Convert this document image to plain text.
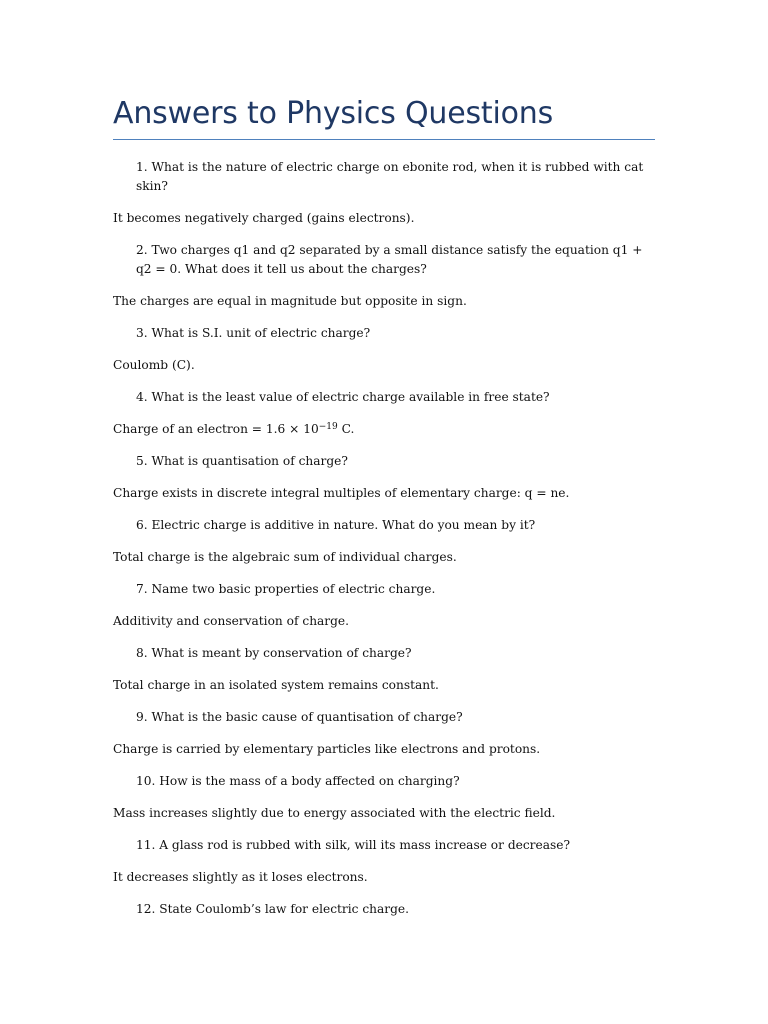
Answers to Physics Questions

1. What is the nature of electric charge on ebonite rod, when it is rubbed with cat skin?

It becomes negatively charged (gains electrons).

2. Two charges q1 and q2 separated by a small distance satisfy the equation q1 + q2 = 0. What does it tell us about the charges?

The charges are equal in magnitude but opposite in sign.

3. What is S.I. unit of electric charge?

Coulomb (C).

4. What is the least value of electric charge available in free state?

Charge of an electron = $1.6 \times 10^{-19}$ C.

5. What is quantisation of charge?

Charge exists in discrete integral multiples of elementary charge: q = ne.

6. Electric charge is additive in nature. What do you mean by it?

Total charge is the algebraic sum of individual charges.

7. Name two basic properties of electric charge.

Additivity and conservation of charge.

8. What is meant by conservation of charge?

Total charge in an isolated system remains constant.

9. What is the basic cause of quantisation of charge?

Charge is carried by elementary particles like electrons and protons.

10. How is the mass of a body affected on charging?

Mass increases slightly due to energy associated with the electric field.

11. A glass rod is rubbed with silk, will its mass increase or decrease?

It decreases slightly as it loses electrons.

12. State Coulomb’s law for electric charge.
